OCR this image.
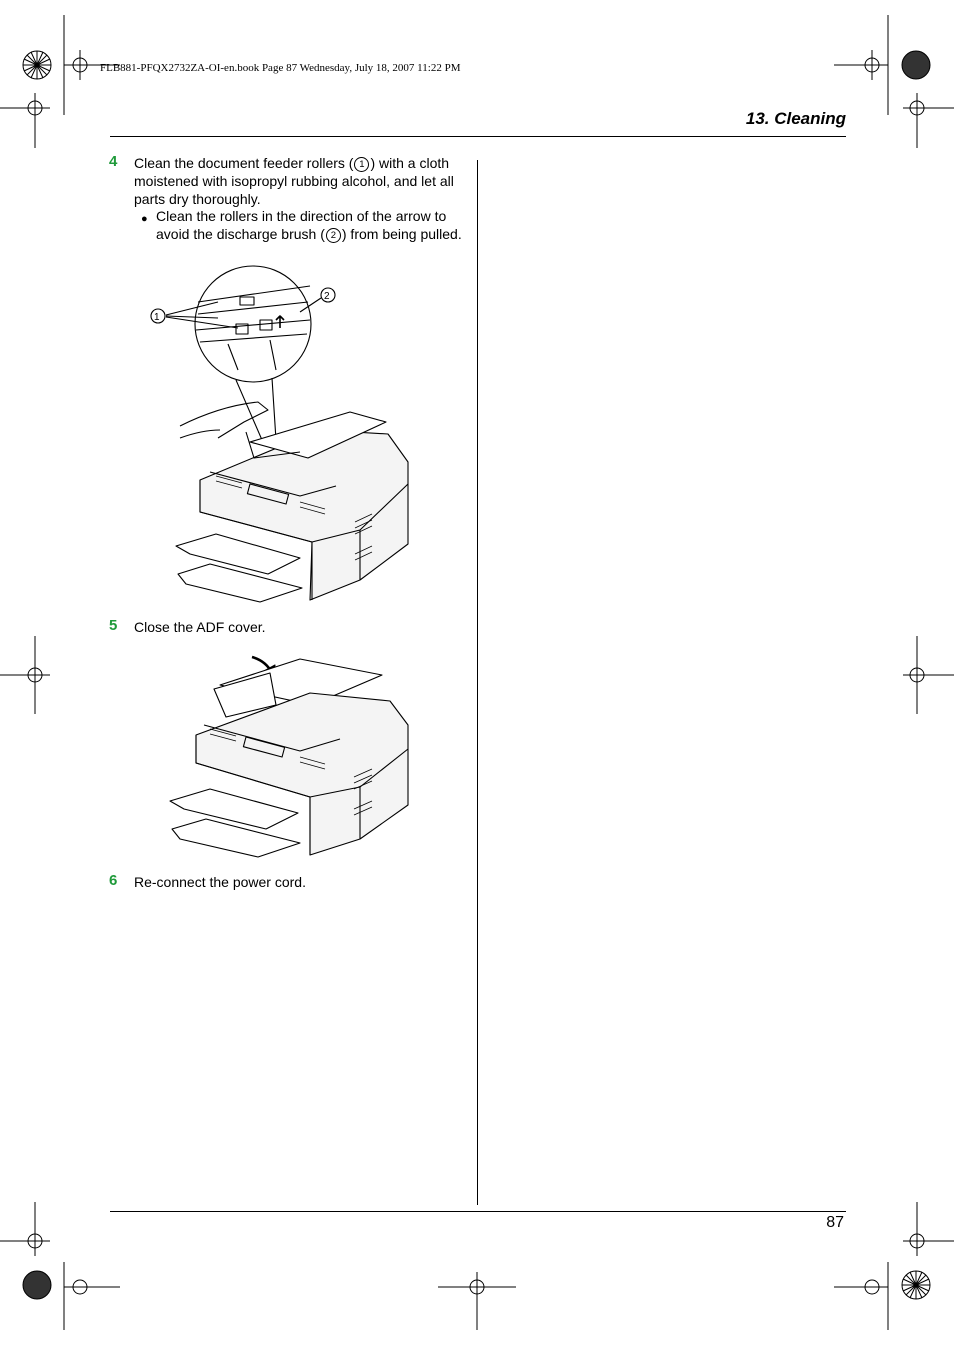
FLB881-PFQX2732ZA-OI-en.book Page 87 Wednesday, July 18, 2007 11:22 PM
13. Cleaning
4 Clean the document feeder rollers ( 1 ) with a cloth moistened with isopropyl rubbing alcohol, and let all parts dry thoroughly.
● Clean the rollers in the direction of the arrow to avoid the discharge brush ( 2 ) from being pulled.
1
2
5 Close the ADF cover.
6 Re-connect the power cord.
87
